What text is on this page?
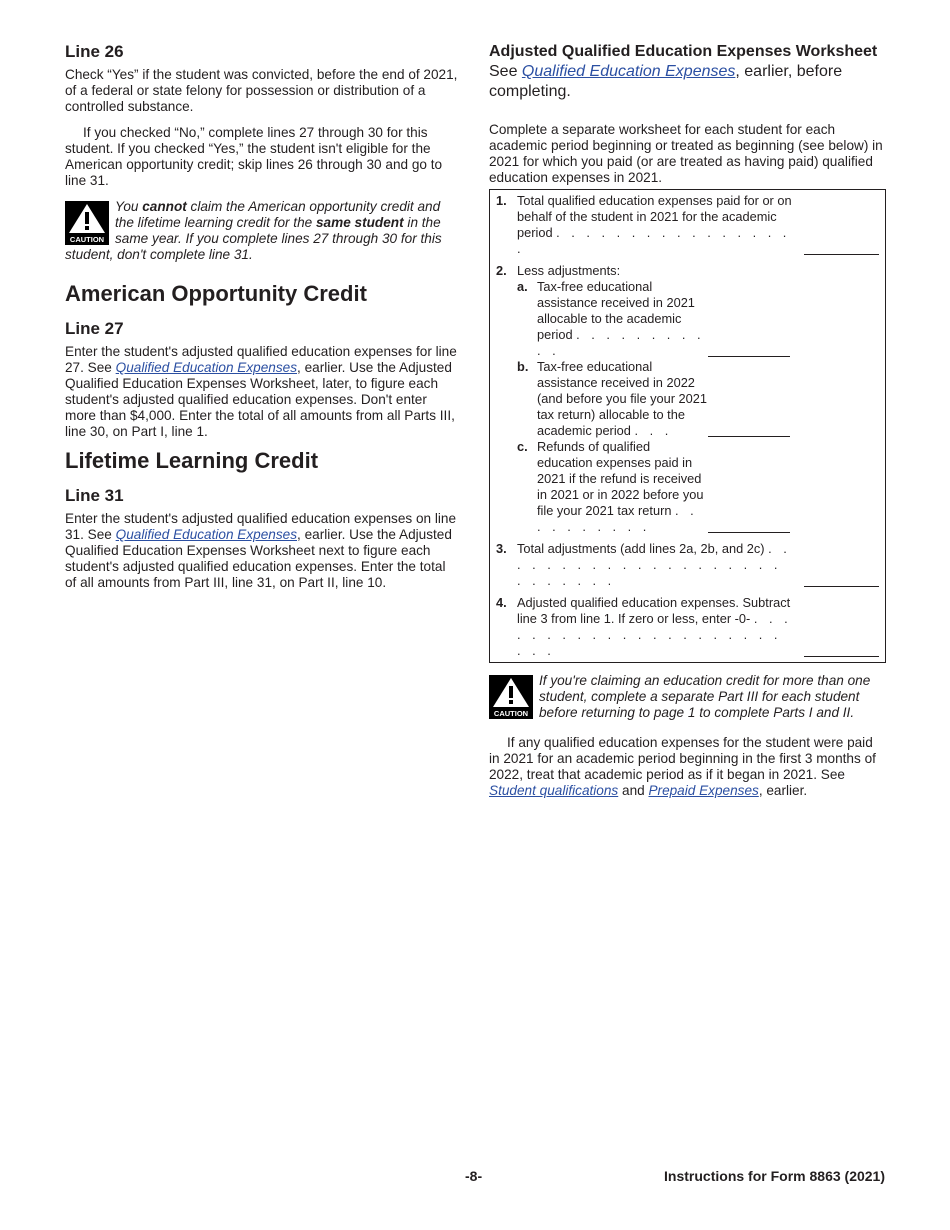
Line 26

Check “Yes” if the student was convicted, before the end of 2021, of a federal or state felony for possession or distribution of a controlled substance.

If you checked “No,” complete lines 27 through 30 for this student. If you checked “Yes,” the student isn't eligible for the American opportunity credit; skip lines 26 through 30 and go to line 31.

CAUTION

You cannot claim the American opportunity credit and the lifetime learning credit for the same student in the same year. If you complete lines 27 through 30 for this student, don't complete line 31.

American Opportunity Credit
Line 27

Enter the student's adjusted qualified education expenses for line 27. See Qualified Education Expenses, earlier. Use the Adjusted Qualified Education Expenses Worksheet, later, to figure each student's adjusted qualified education expenses. Don't enter more than $4,000. Enter the total of all amounts from all Parts III, line 30, on Part I, line 1.

Lifetime Learning Credit
Line 31

Enter the student's adjusted qualified education expenses on line 31. See Qualified Education Expenses, earlier. Use the Adjusted Qualified Education Expenses Worksheet next to figure each student's adjusted qualified education expenses. Enter the total of all amounts from Part III, line 31, on Part II, line 10.

Adjusted Qualified Education Expenses Worksheet
See Qualified Education Expenses, earlier, before completing.

Complete a separate worksheet for each student for each academic period beginning or treated as beginning (see below) in 2021 for which you paid (or are treated as having paid) qualified education expenses in 2021.

1. Total qualified education expenses paid for or on behalf of the student in 2021 for the academic period . . . . . . . . . . . . . . . . .

2. Less adjustments:
a. Tax-free educational assistance received in 2021 allocable to the academic period . . . . . . . . . . .
b. Tax-free educational assistance received in 2022 (and before you file your 2021 tax return) allocable to the academic period . . .
c. Refunds of qualified education expenses paid in 2021 if the refund is received in 2021 or in 2022 before you file your 2021 tax return . . . . . . . . . .

3. Total adjustments (add lines 2a, 2b, and 2c) . . . . . . . . . . . . . . . . . . . . . . . . . . .

4. Adjusted qualified education expenses. Subtract line 3 from line 1. If zero or less, enter -0- . . . . . . . . . . . . . . . . . . . . . . . .
CAUTION

If you're claiming an education credit for more than one student, complete a separate Part III for each student before returning to page 1 to complete Parts I and II.

If any qualified education expenses for the student were paid in 2021 for an academic period beginning in the first 3 months of 2022, treat that academic period as if it began in 2021. See Student qualifications and Prepaid Expenses, earlier.

-8-	Instructions for Form 8863 (2021)
